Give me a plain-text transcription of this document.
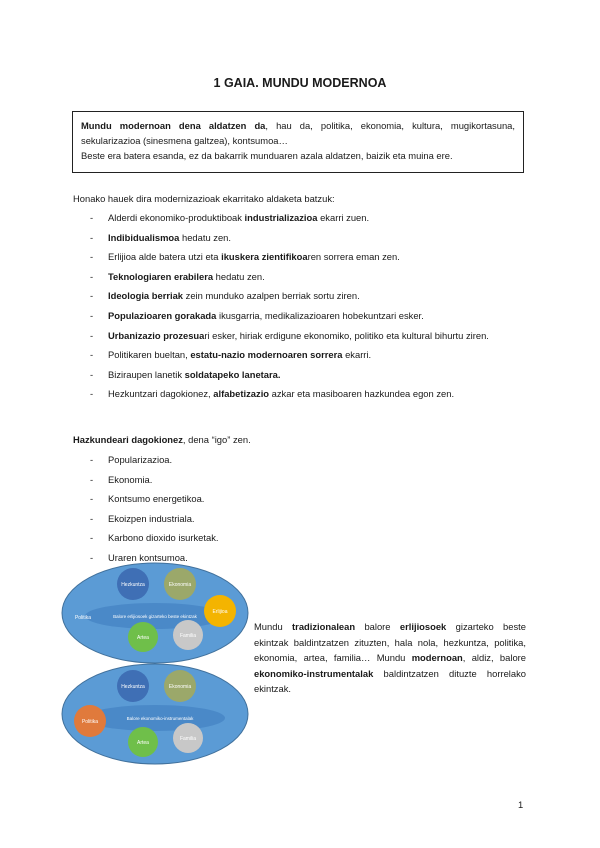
1 GAIA. MUNDU MODERNOA

Mundu modernoan dena aldatzen da, hau da, politika, ekonomia, kultura, mugikortasuna, sekularizazioa (sinesmena galtzea), kontsumoa…

Beste era batera esanda, ez da bakarrik munduaren azala aldatzen, baizik eta muina ere.

Honako hauek dira modernizazioak ekarritako aldaketa batzuk:
- Alderdi ekonomiko-produktiboak industrializazioa ekarri zuen.
- Indibidualismoa hedatu zen.
- Erlijioa alde batera utzi eta ikuskera zientifikoaren sorrera eman zen.
- Teknologiaren erabilera hedatu zen.
- Ideologia berriak zein munduko azalpen berriak sortu ziren.
- Populazioaren gorakada ikusgarria, medikalizazioaren hobekuntzari esker.
- Urbanizazio prozesuari esker, hiriak erdigune ekonomiko, politiko eta kultural bihurtu ziren.
- Politikaren bueltan, estatu-nazio modernoaren sorrera ekarri.
- Biziraupen lanetik soldatapeko lanetara.
- Hezkuntzari dagokionez, alfabetizazio azkar eta masiboaren hazkundea egon zen.
Hazkundeari dagokionez, dena “igo” zen.
- Popularizazioa.
- Ekonomia.
- Kontsumo energetikoa.
- Ekoizpen industriala.
- Karbono dioxido isurketak.
- Uraren kontsumoa.
Balore erlijiosoek gizarteko beste ekintzak
Hezkuntza	Ekonomia
Erlijioa
Politika
Artea	Familia
Balore ekonomiko-instrumentalak
Hezkuntza	Ekonomia
Politika
Artea
Familia
Mundu tradizionalean balore erlijiosoek gizarteko beste ekintzak baldintzatzen zituzten, hala nola, hezkuntza, politika, ekonomia, artea, familia… Mundu modernoan, aldiz, balore ekonomiko-instrumentalak baldintzatzen dituzte horrelako ekintzak.
1
